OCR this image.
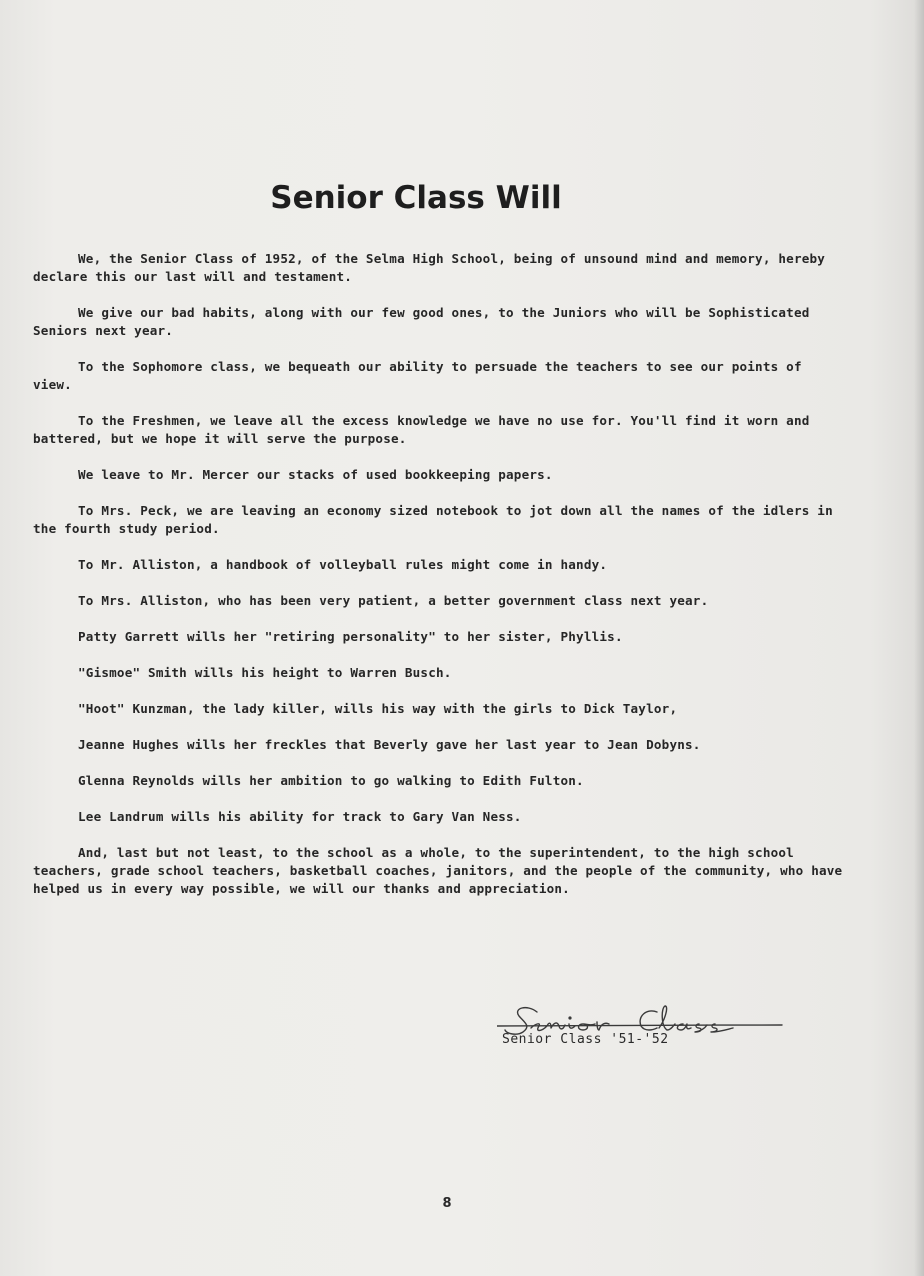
Senior Class Will

We, the Senior Class of 1952, of the Selma High School, being of unsound mind and memory, hereby declare this our last will and testament.

We give our bad habits, along with our few good ones, to the Juniors who will be Sophisticated Seniors next year.

To the Sophomore class, we bequeath our ability to persuade the teachers to see our points of view.

To the Freshmen, we leave all the excess knowledge we have no use for. You'll find it worn and battered, but we hope it will serve the purpose.

We leave to Mr. Mercer our stacks of used bookkeeping papers.

To Mrs. Peck, we are leaving an economy sized notebook to jot down all the names of the idlers in the fourth study period.

To Mr. Alliston, a handbook of volleyball rules might come in handy.

To Mrs. Alliston, who has been very patient, a better government class next year.

Patty Garrett wills her "retiring personality" to her sister, Phyllis.

"Gismoe" Smith wills his height to Warren Busch.

"Hoot" Kunzman, the lady killer, wills his way with the girls to Dick Taylor,

Jeanne Hughes wills her freckles that Beverly gave her last year to Jean Dobyns.

Glenna Reynolds wills her ambition to go walking to Edith Fulton.

Lee Landrum wills his ability for track to Gary Van Ness.

And, last but not least, to the school as a whole, to the superintendent, to the high school teachers, grade school teachers, basketball coaches, janitors, and the people of the community, who have helped us in every way possible, we will our thanks and appreciation.

Senior Class '51-'52
8
